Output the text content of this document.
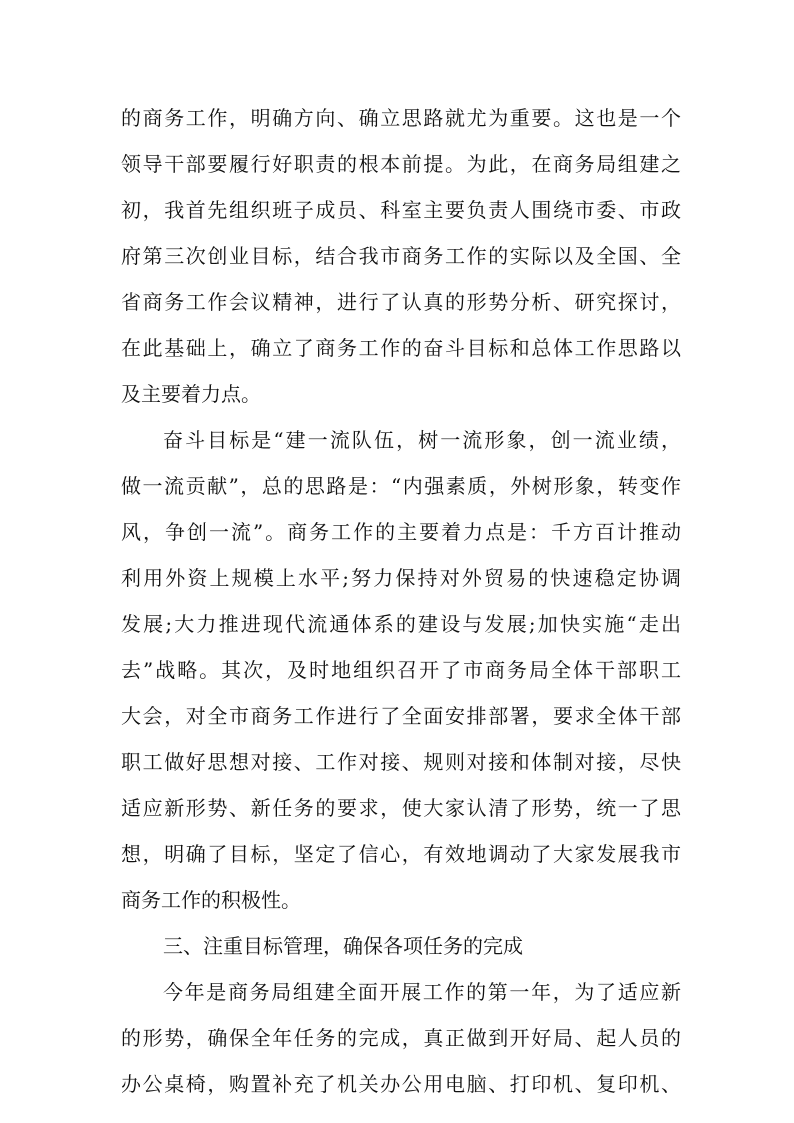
的商务工作，明确方向、确立思路就尤为重要。这也是一个
领导干部要履行好职责的根本前提。为此，在商务局组建之
初，我首先组织班子成员、科室主要负责人围绕市委、市政
府第三次创业目标，结合我市商务工作的实际以及全国、全
省商务工作会议精神，进行了认真的形势分析、研究探讨，
在此基础上，确立了商务工作的奋斗目标和总体工作思路以
及主要着力点。
奋斗目标是“建一流队伍，树一流形象，创一流业绩，
做一流贡献”，总的思路是：“内强素质，外树形象，转变作
风，争创一流”。商务工作的主要着力点是：千方百计推动
利用外资上规模上水平;努力保持对外贸易的快速稳定协调
发展;大力推进现代流通体系的建设与发展;加快实施“走出
去”战略。其次，及时地组织召开了市商务局全体干部职工
大会，对全市商务工作进行了全面安排部署，要求全体干部
职工做好思想对接、工作对接、规则对接和体制对接，尽快
适应新形势、新任务的要求，使大家认清了形势，统一了思
想，明确了目标，坚定了信心，有效地调动了大家发展我市
商务工作的积极性。
三、注重目标管理，确保各项任务的完成
今年是商务局组建全面开展工作的第一年，为了适应新
的形势，确保全年任务的完成，真正做到开好局、起人员的
办公桌椅，购置补充了机关办公用电脑、打印机、复印机、
